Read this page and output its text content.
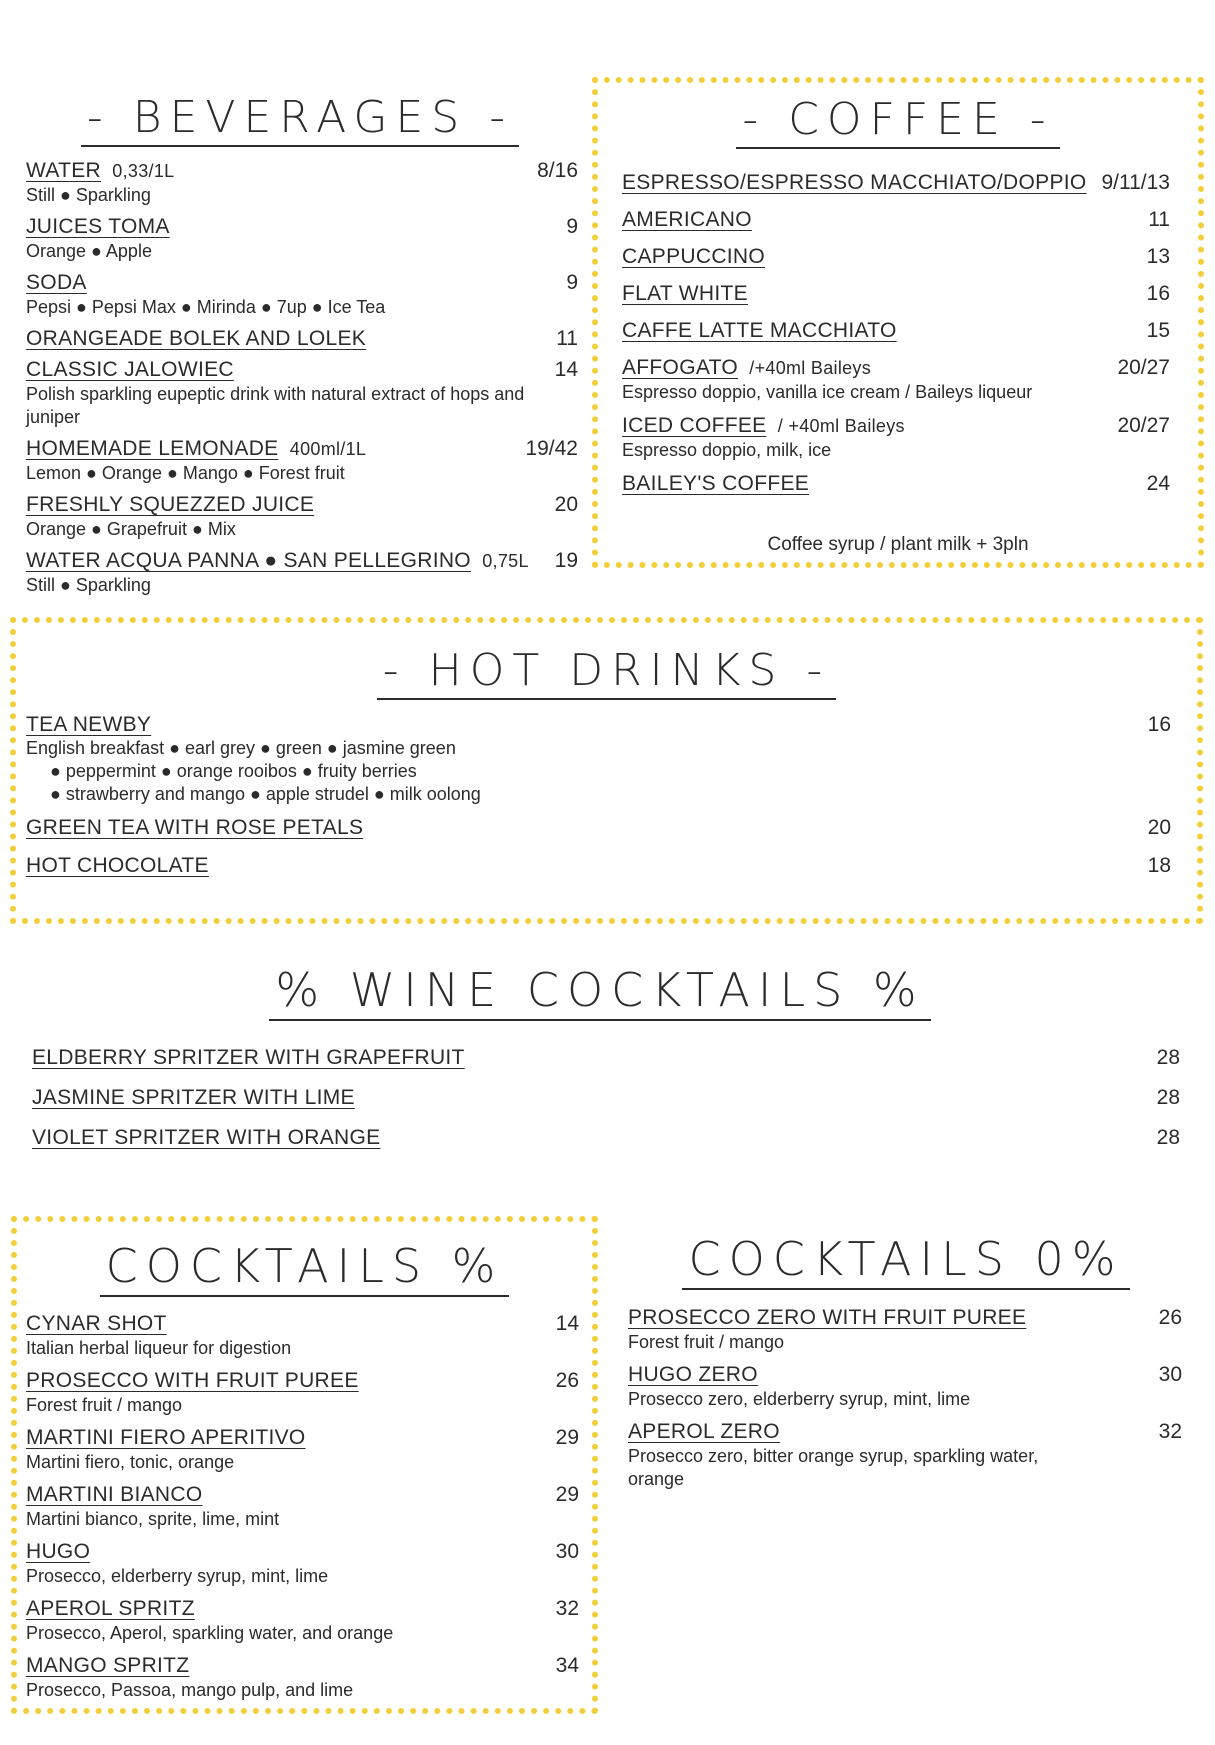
- BEVERAGES -
WATER 0,33/1L	8/16
Still ● Sparkling
JUICES TOMA	9
Orange ● Apple
SODA	9
Pepsi ● Pepsi Max ● Mirinda ● 7up ● Ice Tea
ORANGEADE BOLEK AND LOLEK	11
CLASSIC JALOWIEC	14
Polish sparkling eupeptic drink with natural extract of hops and juniper
HOMEMADE LEMONADE 400ml/1L	19/42
Lemon ● Orange ● Mango ● Forest fruit
FRESHLY SQUEZZED JUICE	20
Orange ● Grapefruit ● Mix
WATER ACQUA PANNA ● SAN PELLEGRINO 0,75L 19
Still ● Sparkling
- COFFEE -
ESPRESSO/ESPRESSO MACCHIATO/DOPPIO 9/11/13
AMERICANO	11
CAPPUCCINO	13
FLAT WHITE	16
CAFFE LATTE MACCHIATO	15
AFFOGATO /+40ml Baileys	20/27
Espresso doppio, vanilla ice cream / Baileys liqueur
ICED COFFEE / +40ml Baileys	20/27
Espresso doppio, milk, ice
BAILEY'S COFFEE	24
Coffee syrup / plant milk + 3pln
- HOT DRINKS -
TEA NEWBY	16
English breakfast ● earl grey ● green ● jasmine green
● peppermint ● orange rooibos ● fruity berries
● strawberry and mango ● apple strudel ● milk oolong
GREEN TEA WITH ROSE PETALS	20
HOT CHOCOLATE	18
% WINE COCKTAILS %
ELDBERRY SPRITZER WITH GRAPEFRUIT	28
JASMINE SPRITZER WITH LIME	28
VIOLET SPRITZER WITH ORANGE	28
COCKTAILS %
CYNAR SHOT	14
Italian herbal liqueur for digestion
PROSECCO WITH FRUIT PUREE	26
Forest fruit / mango
MARTINI FIERO APERITIVO	29
Martini fiero, tonic, orange
MARTINI BIANCO	29
Martini bianco, sprite, lime, mint
HUGO	30
Prosecco, elderberry syrup, mint, lime
APEROL SPRITZ	32
Prosecco, Aperol, sparkling water, and orange
MANGO SPRITZ	34
Prosecco, Passoa, mango pulp, and lime
COCKTAILS 0%
PROSECCO ZERO WITH FRUIT PUREE	26
Forest fruit / mango
HUGO ZERO	30
Prosecco zero, elderberry syrup, mint, lime
APEROL ZERO	32
Prosecco zero, bitter orange syrup, sparkling water, orange
